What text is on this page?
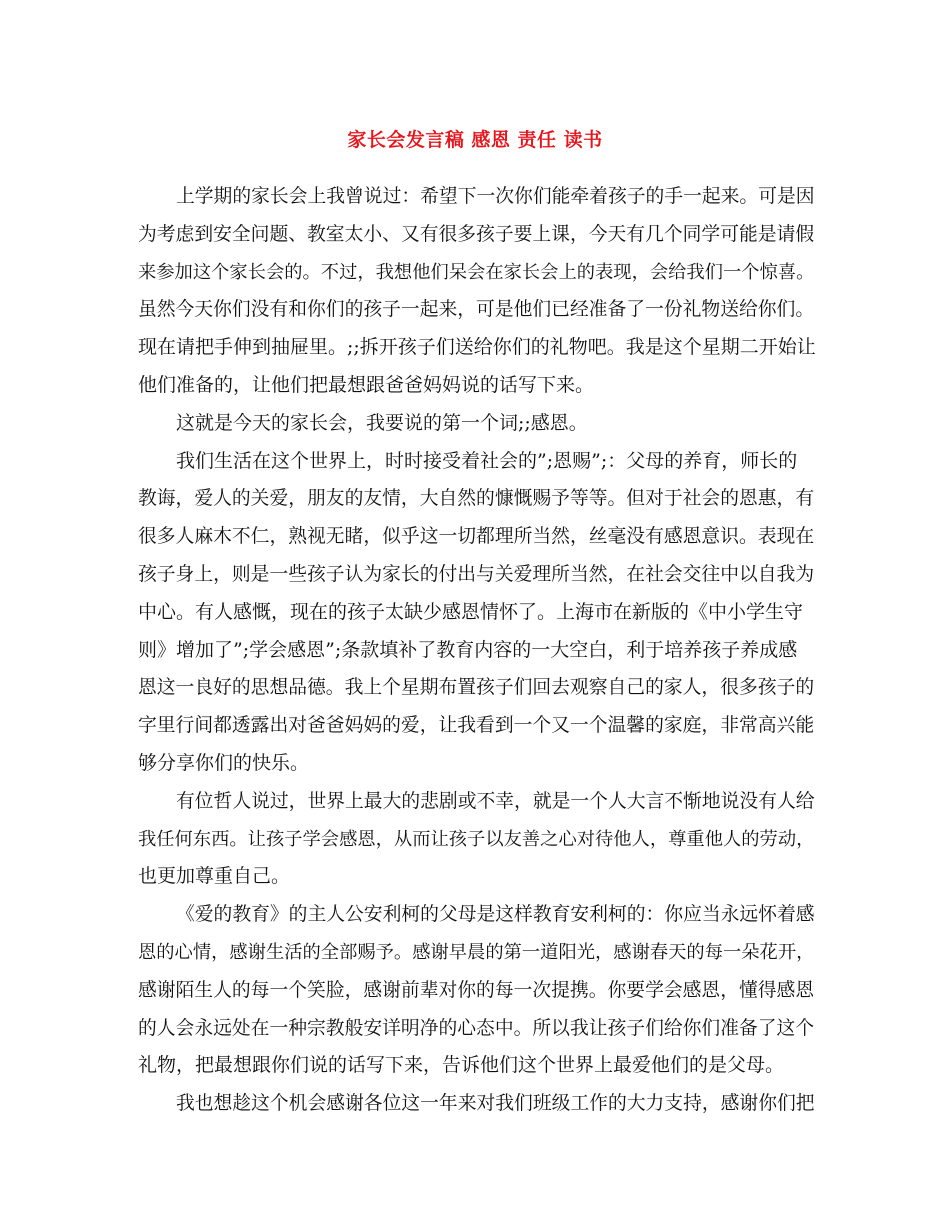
家长会发言稿 感恩 责任 读书
上学期的家长会上我曾说过：希望下一次你们能牵着孩子的手一起来。可是因
为考虑到安全问题、教室太小、又有很多孩子要上课，今天有几个同学可能是请假
来参加这个家长会的。不过，我想他们呆会在家长会上的表现，会给我们一个惊喜。
虽然今天你们没有和你们的孩子一起来，可是他们已经准备了一份礼物送给你们。
现在请把手伸到抽屉里。;;拆开孩子们送给你们的礼物吧。我是这个星期二开始让
他们准备的，让他们把最想跟爸爸妈妈说的话写下来。
这就是今天的家长会，我要说的第一个词;;感恩。
我们生活在这个世界上，时时接受着社会的”;恩赐”;：父母的养育，师长的
教诲，爱人的关爱，朋友的友情，大自然的慷慨赐予等等。但对于社会的恩惠，有
很多人麻木不仁，熟视无睹，似乎这一切都理所当然，丝毫没有感恩意识。表现在
孩子身上，则是一些孩子认为家长的付出与关爱理所当然，在社会交往中以自我为
中心。有人感慨，现在的孩子太缺少感恩情怀了。上海市在新版的《中小学生守
则》增加了”;学会感恩”;条款填补了教育内容的一大空白，利于培养孩子养成感
恩这一良好的思想品德。我上个星期布置孩子们回去观察自己的家人，很多孩子的
字里行间都透露出对爸爸妈妈的爱，让我看到一个又一个温馨的家庭，非常高兴能
够分享你们的快乐。
有位哲人说过，世界上最大的悲剧或不幸，就是一个人大言不惭地说没有人给
我任何东西。让孩子学会感恩，从而让孩子以友善之心对待他人，尊重他人的劳动，
也更加尊重自己。
《爱的教育》的主人公安利柯的父母是这样教育安利柯的：你应当永远怀着感
恩的心情，感谢生活的全部赐予。感谢早晨的第一道阳光，感谢春天的每一朵花开，
感谢陌生人的每一个笑脸，感谢前辈对你的每一次提携。你要学会感恩，懂得感恩
的人会永远处在一种宗教般安详明净的心态中。所以我让孩子们给你们准备了这个
礼物，把最想跟你们说的话写下来，告诉他们这个世界上最爱他们的是父母。
我也想趁这个机会感谢各位这一年来对我们班级工作的大力支持，感谢你们把
